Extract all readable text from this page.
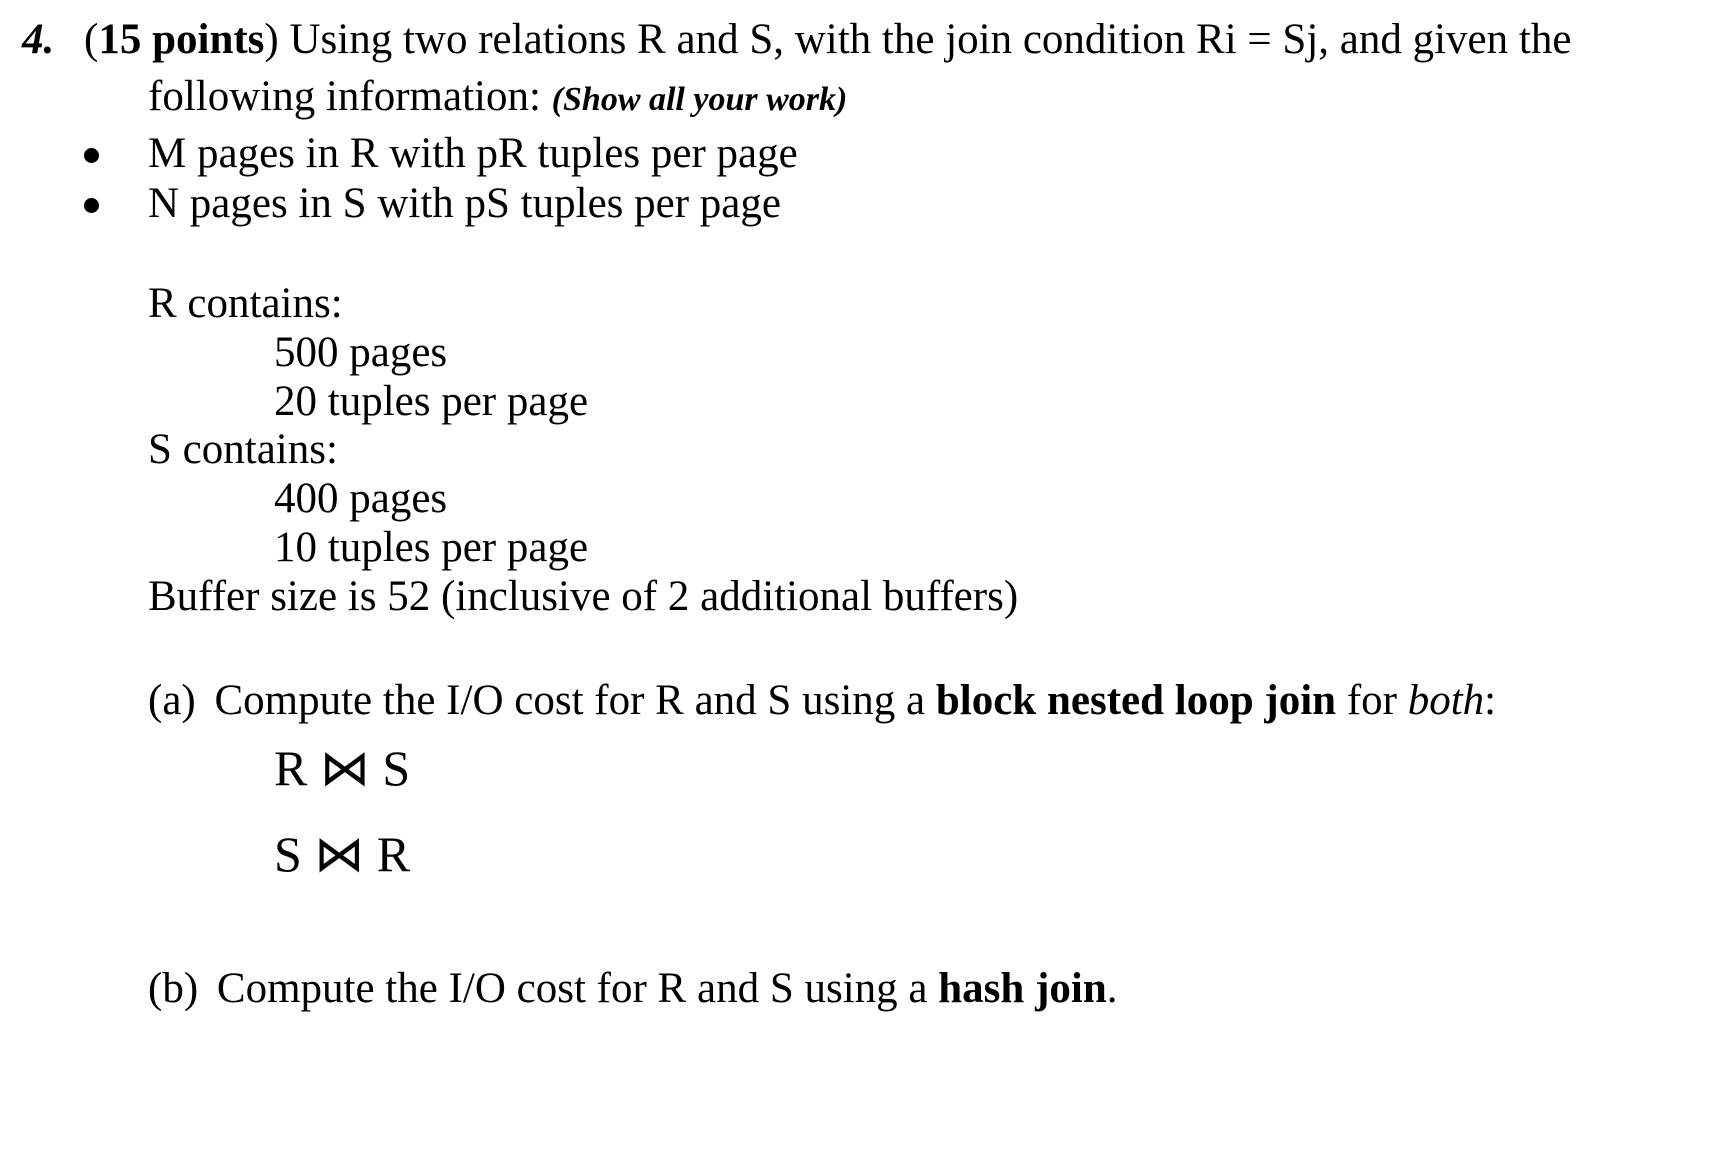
4. (15 points) Using two relations R and S, with the join condition Ri = Sj, and given the
following information: (Show all your work)
M pages in R with pR tuples per page
N pages in S with pS tuples per page
R contains:
500 pages
20 tuples per page
S contains:
400 pages
10 tuples per page
Buffer size is 52 (inclusive of 2 additional buffers)
(a) Compute the I/O cost for R and S using a block nested loop join for both:
R ⋈ S
S ⋈ R
(b) Compute the I/O cost for R and S using a hash join.
